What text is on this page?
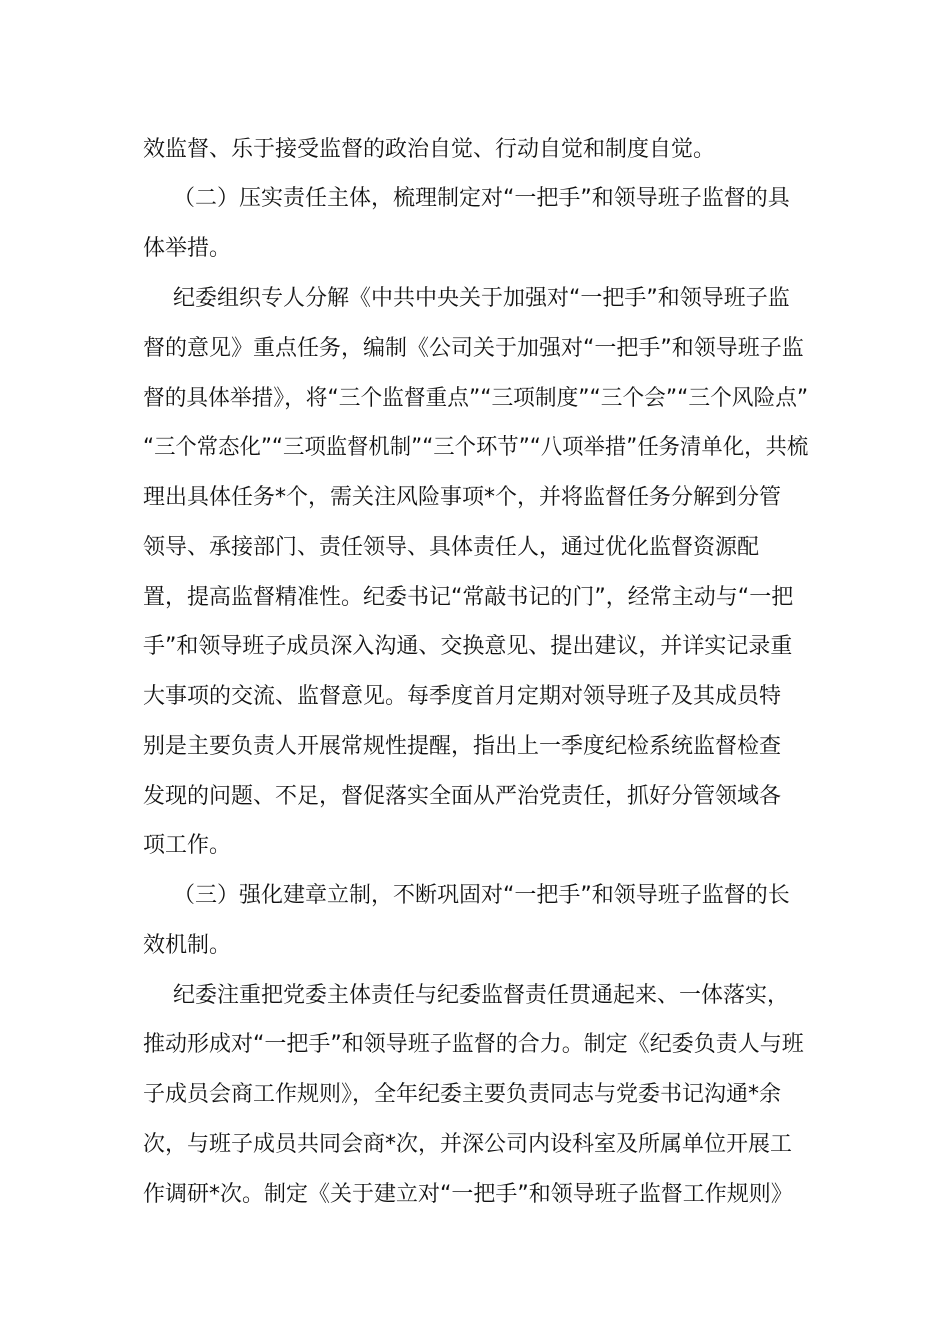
效监督、乐于接受监督的政治自觉、行动自觉和制度自觉。
（二）压实责任主体，梳理制定对“一把手”和领导班子监督的具
体举措。
纪委组织专人分解《中共中央关于加强对“一把手”和领导班子监
督的意见》重点任务，编制《公司关于加强对“一把手”和领导班子监
督的具体举措》，将“三个监督重点”“三项制度”“三个会”“三个风险点”
“三个常态化”“三项监督机制”“三个环节”“八项举措”任务清单化，共梳
理出具体任务*个，需关注风险事项*个，并将监督任务分解到分管
领导、承接部门、责任领导、具体责任人，通过优化监督资源配
置，提高监督精准性。纪委书记“常敲书记的门”，经常主动与“一把
手”和领导班子成员深入沟通、交换意见、提出建议，并详实记录重
大事项的交流、监督意见。每季度首月定期对领导班子及其成员特
别是主要负责人开展常规性提醒，指出上一季度纪检系统监督检查
发现的问题、不足，督促落实全面从严治党责任，抓好分管领域各
项工作。
（三）强化建章立制，不断巩固对“一把手”和领导班子监督的长
效机制。
纪委注重把党委主体责任与纪委监督责任贯通起来、一体落实，
推动形成对“一把手”和领导班子监督的合力。制定《纪委负责人与班
子成员会商工作规则》，全年纪委主要负责同志与党委书记沟通*余
次，与班子成员共同会商*次，并深公司内设科室及所属单位开展工
作调研*次。制定《关于建立对“一把手”和领导班子监督工作规则》
